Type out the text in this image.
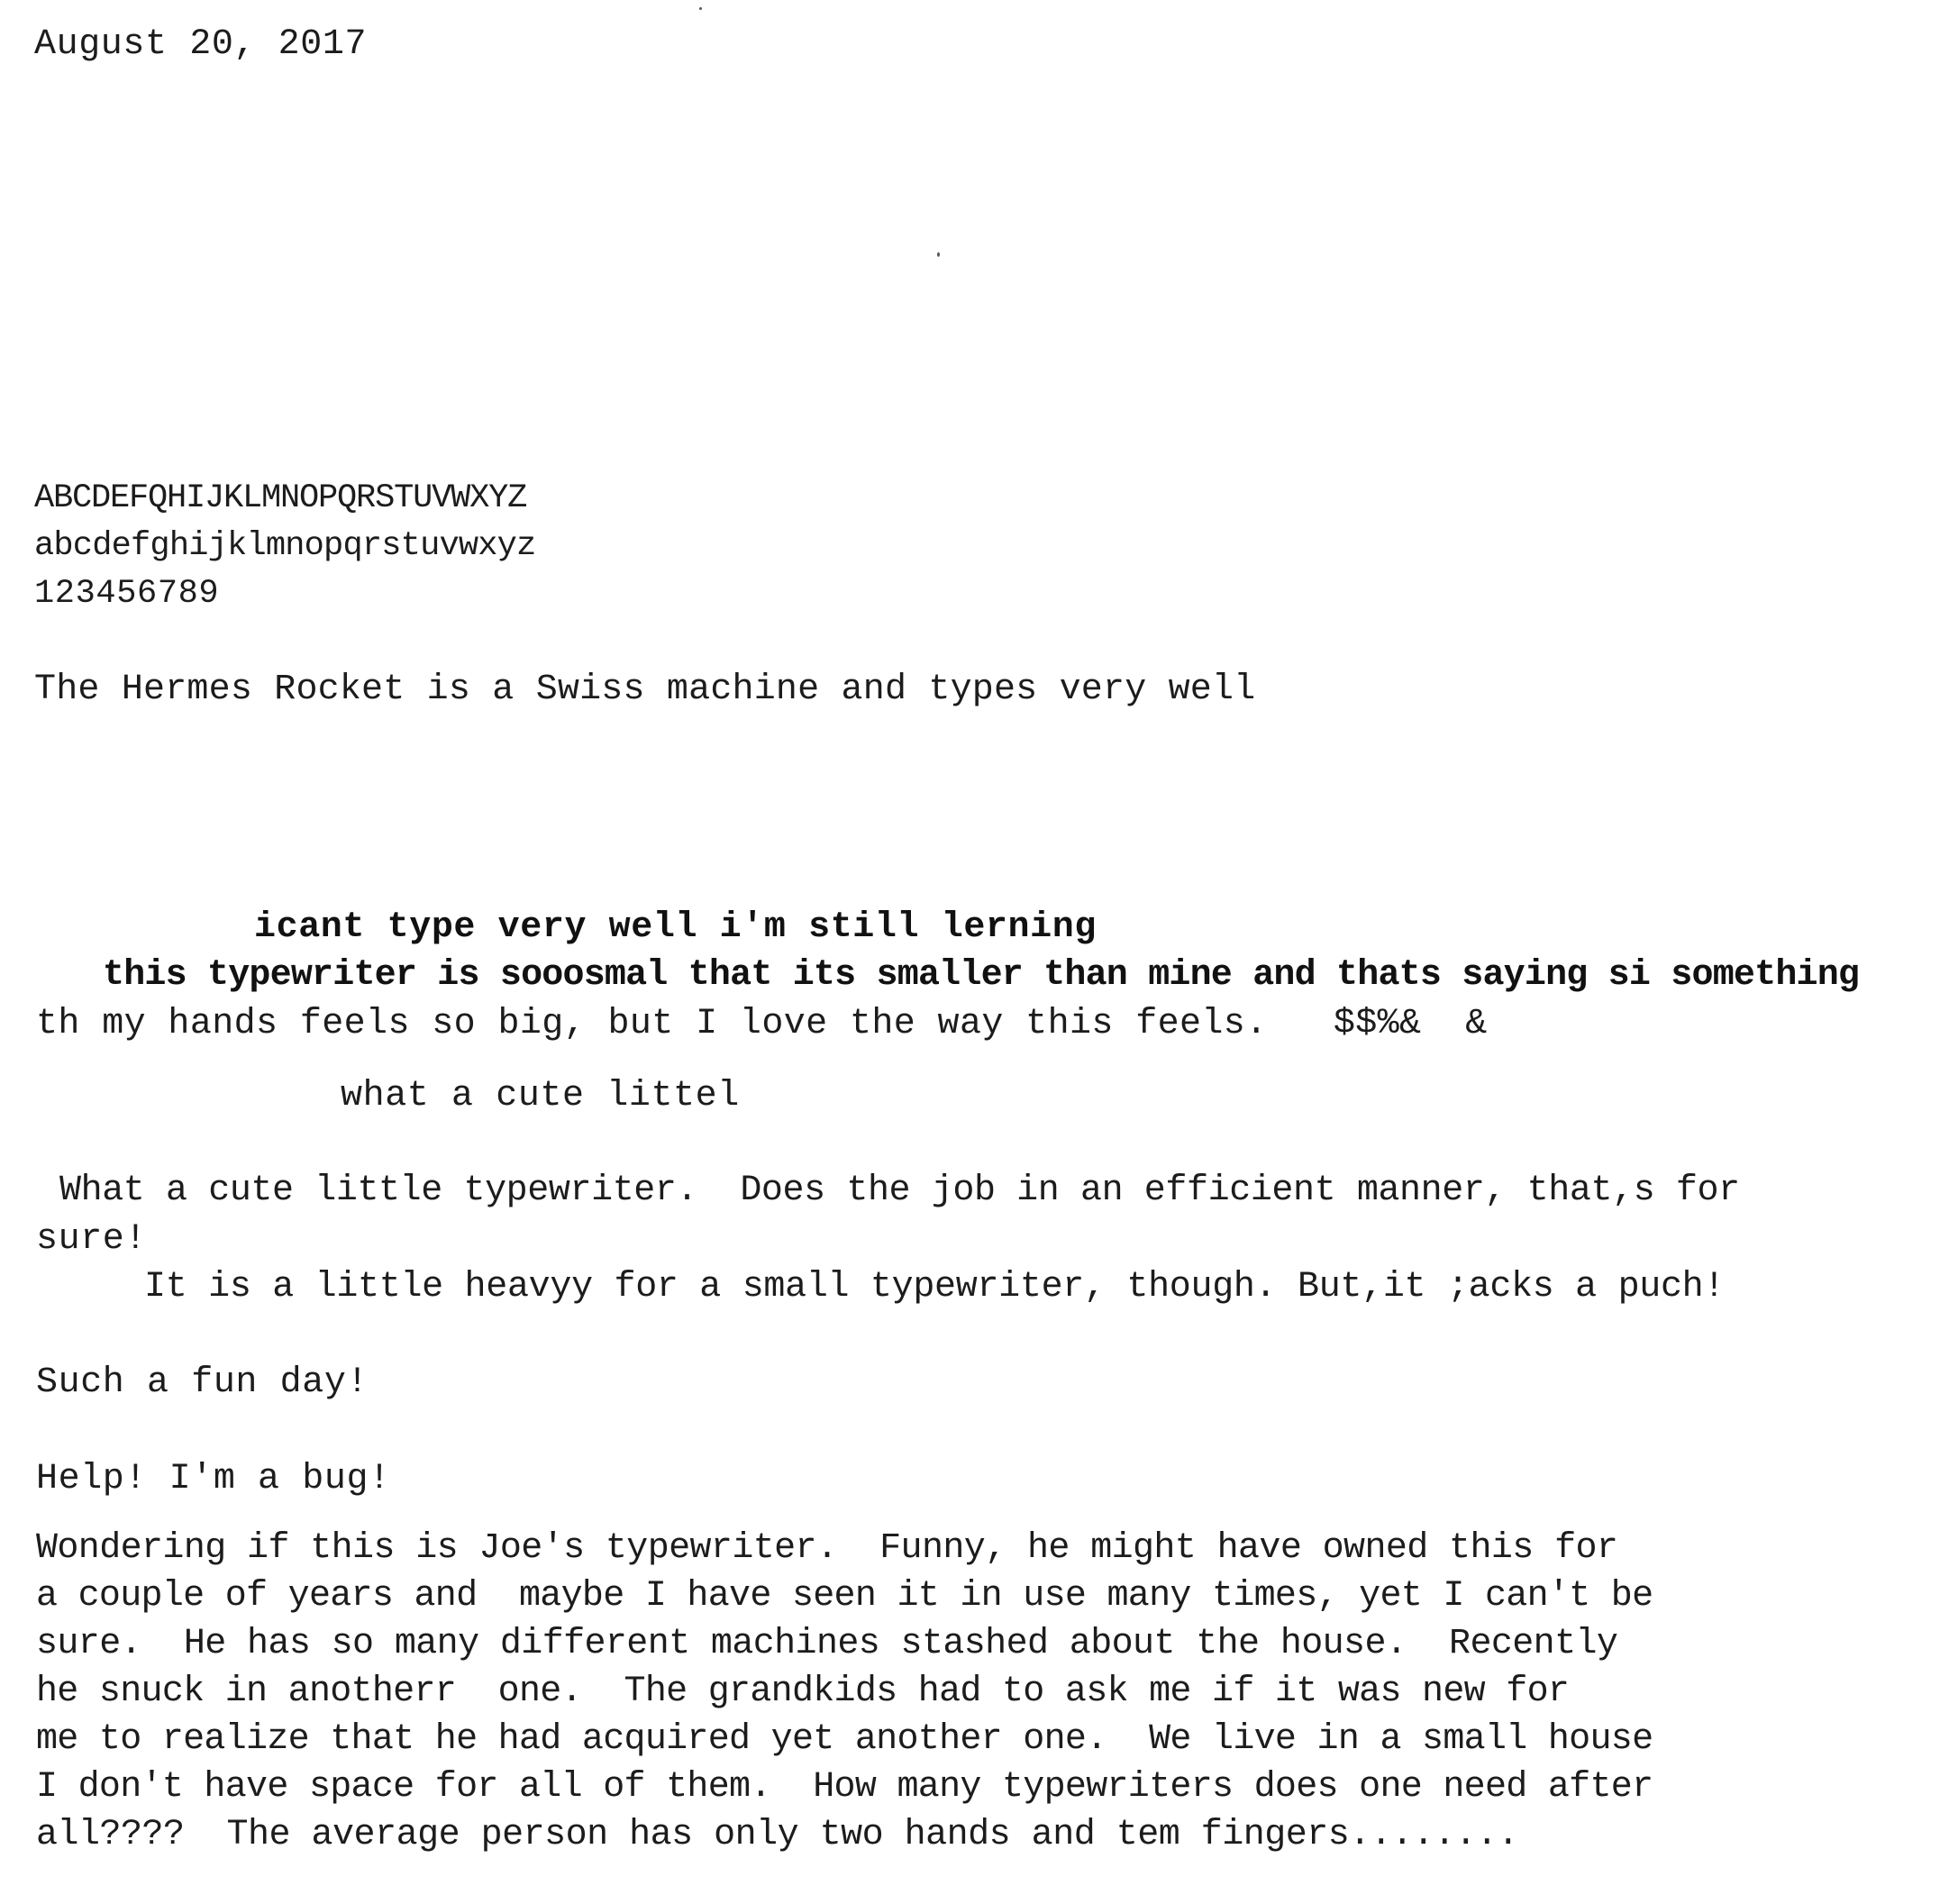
August 20, 2017
ABCDEFQHIJKLMNOPQRSTUVWXYZ
abcdefghijklmnopqrstuvwxyz
123456789
The Hermes Rocket is a Swiss machine and types very well
icant type very well i'm still lerning
this typewriter is sooosmal that its smaller than mine and thats saying si something
th my hands feels so big, but I love the way this feels.   $$%&  &
what a cute littel
What a cute little typewriter.  Does the job in an efficient manner, that,s for
sure!
It is a little heavyy for a small typewriter, though. But,it ;acks a puch!
Such a fun day!
Help! I'm a bug!
Wondering if this is Joe's typewriter.  Funny, he might have owned this for
a couple of years and  maybe I have seen it in use many times, yet I can't be
sure.  He has so many different machines stashed about the house.  Recently
he snuck in anotherr  one.  The grandkids had to ask me if it was new for
me to realize that he had acquired yet another one.  We live in a small house
I don't have space for all of them.  How many typewriters does one need after
all????  The average person has only two hands and tem fingers........
